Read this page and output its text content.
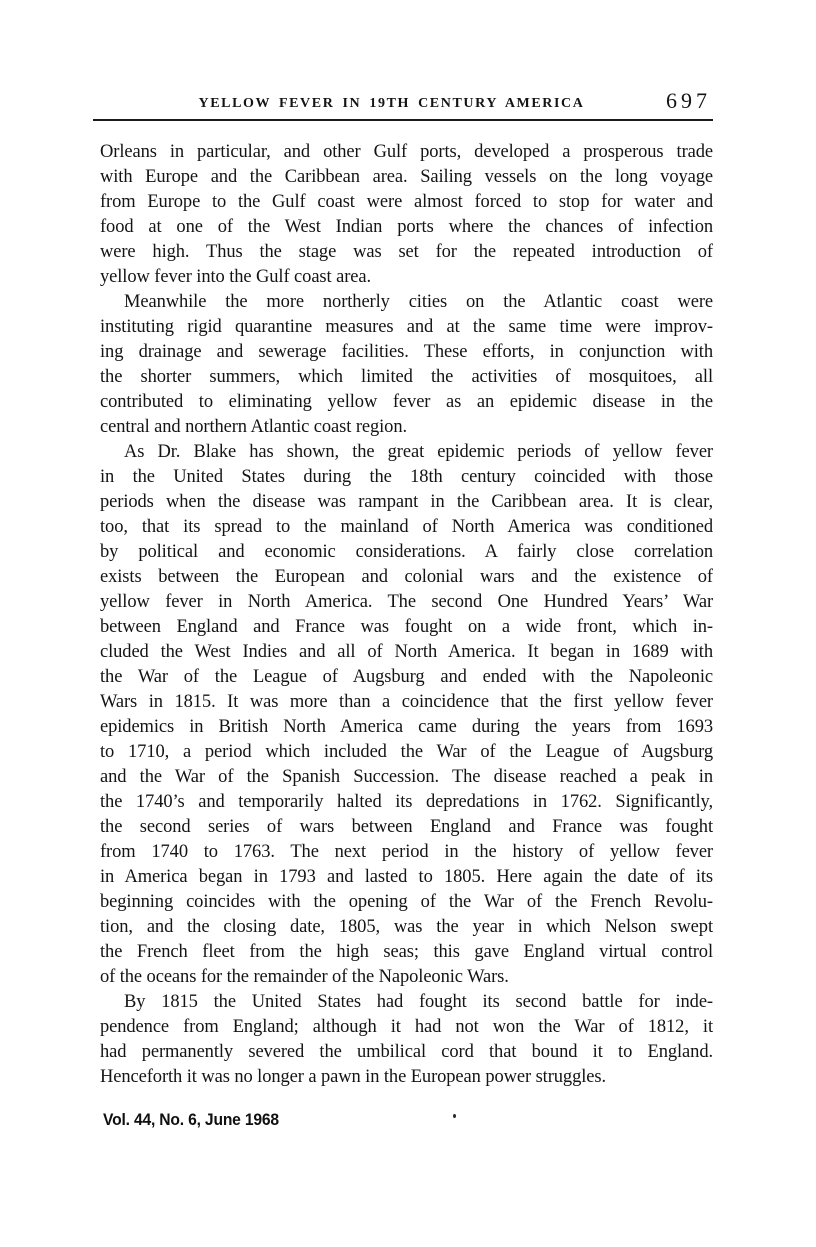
YELLOW FEVER IN 19TH CENTURY AMERICA	697
Orleans in particular, and other Gulf ports, developed a prosperous trade
with Europe and the Caribbean area. Sailing vessels on the long voyage
from Europe to the Gulf coast were almost forced to stop for water and
food at one of the West Indian ports where the chances of infection
were high. Thus the stage was set for the repeated introduction of
yellow fever into the Gulf coast area.
Meanwhile the more northerly cities on the Atlantic coast were
instituting rigid quarantine measures and at the same time were improv-
ing drainage and sewerage facilities. These efforts, in conjunction with
the shorter summers, which limited the activities of mosquitoes, all
contributed to eliminating yellow fever as an epidemic disease in the
central and northern Atlantic coast region.
As Dr. Blake has shown, the great epidemic periods of yellow fever
in the United States during the 18th century coincided with those
periods when the disease was rampant in the Caribbean area. It is clear,
too, that its spread to the mainland of North America was conditioned
by political and economic considerations. A fairly close correlation
exists between the European and colonial wars and the existence of
yellow fever in North America. The second One Hundred Years’ War
between England and France was fought on a wide front, which in-
cluded the West Indies and all of North America. It began in 1689 with
the War of the League of Augsburg and ended with the Napoleonic
Wars in 1815. It was more than a coincidence that the first yellow fever
epidemics in British North America came during the years from 1693
to 1710, a period which included the War of the League of Augsburg
and the War of the Spanish Succession. The disease reached a peak in
the 1740’s and temporarily halted its depredations in 1762. Significantly,
the second series of wars between England and France was fought
from 1740 to 1763. The next period in the history of yellow fever
in America began in 1793 and lasted to 1805. Here again the date of its
beginning coincides with the opening of the War of the French Revolu-
tion, and the closing date, 1805, was the year in which Nelson swept
the French fleet from the high seas; this gave England virtual control
of the oceans for the remainder of the Napoleonic Wars.
By 1815 the United States had fought its second battle for inde-
pendence from England; although it had not won the War of 1812, it
had permanently severed the umbilical cord that bound it to England.
Henceforth it was no longer a pawn in the European power struggles.
Vol. 44, No. 6, June 1968
